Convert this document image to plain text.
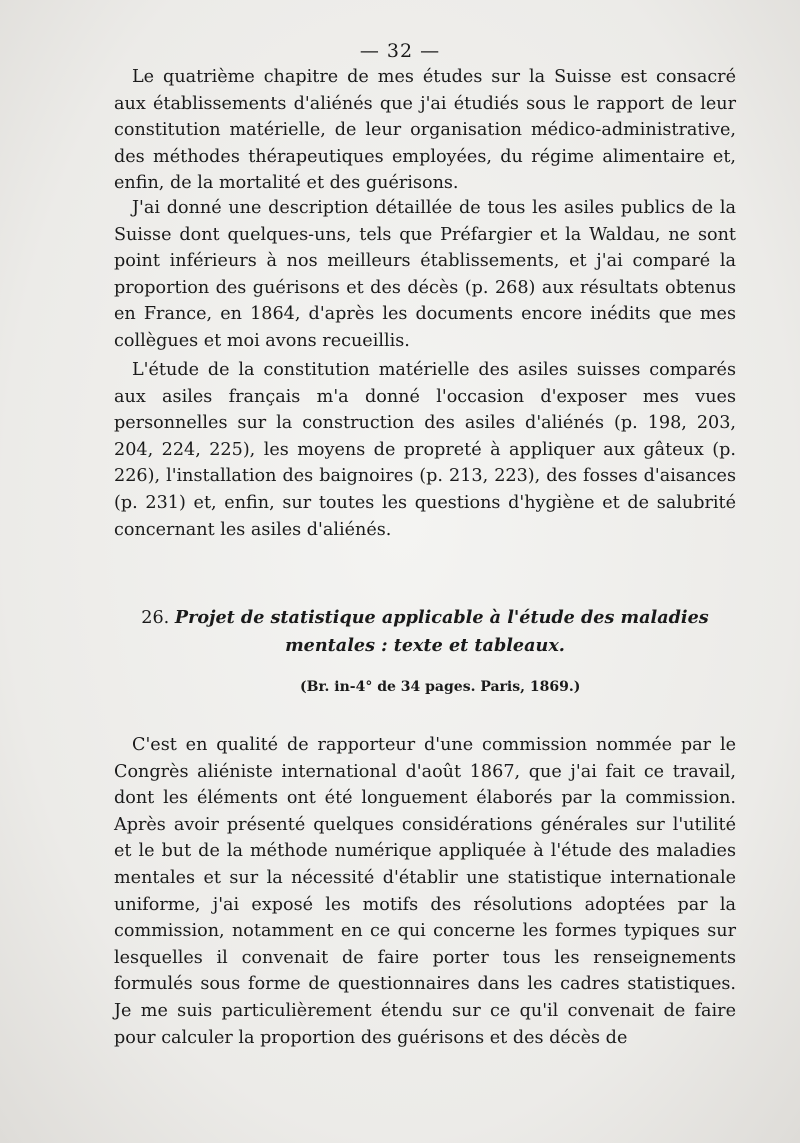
— 32 —

Le quatrième chapitre de mes études sur la Suisse est consacré aux établissements d'aliénés que j'ai étudiés sous le rapport de leur constitution matérielle, de leur organisation médico-administrative, des méthodes thérapeutiques employées, du régime alimentaire et, enfin, de la mortalité et des guérisons.

J'ai donné une description détaillée de tous les asiles publics de la Suisse dont quelques-uns, tels que Préfargier et la Waldau, ne sont point inférieurs à nos meilleurs établissements, et j'ai comparé la proportion des guérisons et des décès (p. 268) aux résultats obtenus en France, en 1864, d'après les documents encore inédits que mes collègues et moi avons recueillis.

L'étude de la constitution matérielle des asiles suisses comparés aux asiles français m'a donné l'occasion d'exposer mes vues personnelles sur la construction des asiles d'aliénés (p. 198, 203, 204, 224, 225), les moyens de propreté à appliquer aux gâteux (p. 226), l'installation des baignoires (p. 213, 223), des fosses d'aisances (p. 231) et, enfin, sur toutes les questions d'hygiène et de salubrité concernant les asiles d'aliénés.

26. Projet de statistique applicable à l'étude des maladies mentales : texte et tableaux.
(Br. in-4° de 34 pages. Paris, 1869.)

C'est en qualité de rapporteur d'une commission nommée par le Congrès aliéniste international d'août 1867, que j'ai fait ce travail, dont les éléments ont été longuement élaborés par la commission. Après avoir présenté quelques considérations générales sur l'utilité et le but de la méthode numérique appliquée à l'étude des maladies mentales et sur la nécessité d'établir une statistique internationale uniforme, j'ai exposé les motifs des résolutions adoptées par la commission, notamment en ce qui concerne les formes typiques sur lesquelles il convenait de faire porter tous les renseignements formulés sous forme de questionnaires dans les cadres statistiques. Je me suis particulièrement étendu sur ce qu'il convenait de faire pour calculer la proportion des guérisons et des décès de
